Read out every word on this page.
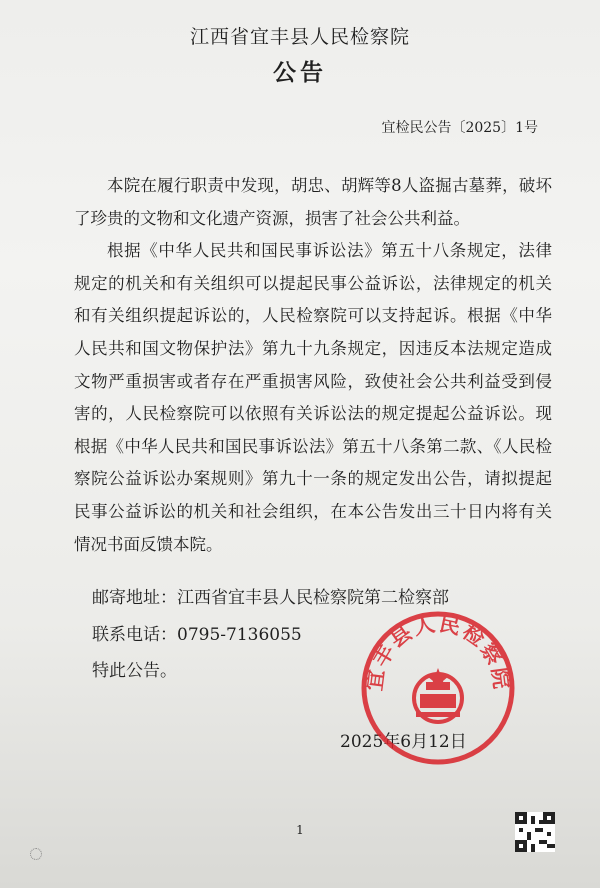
江西省宜丰县人民检察院
公告
宜检民公告〔2025〕1号

本院在履行职责中发现，胡忠、胡辉等8人盗掘古墓葬，破坏了珍贵的文物和文化遗产资源，损害了社会公共利益。

根据《中华人民共和国民事诉讼法》第五十八条规定，法律规定的机关和有关组织可以提起民事公益诉讼，法律规定的机关和有关组织提起诉讼的，人民检察院可以支持起诉。根据《中华人民共和国文物保护法》第九十九条规定，因违反本法规定造成文物严重损害或者存在严重损害风险，致使社会公共利益受到侵害的，人民检察院可以依照有关诉讼法的规定提起公益诉讼。现根据《中华人民共和国民事诉讼法》第五十八条第二款、《人民检察院公益诉讼办案规则》第九十一条的规定发出公告，请拟提起民事公益诉讼的机关和社会组织，在本公告发出三十日内将有关情况书面反馈本院。

邮寄地址：江西省宜丰县人民检察院第二检察部
联系电话：0795-7136055
特此公告。
2025年6月12日
宜丰县人民检察院
1
